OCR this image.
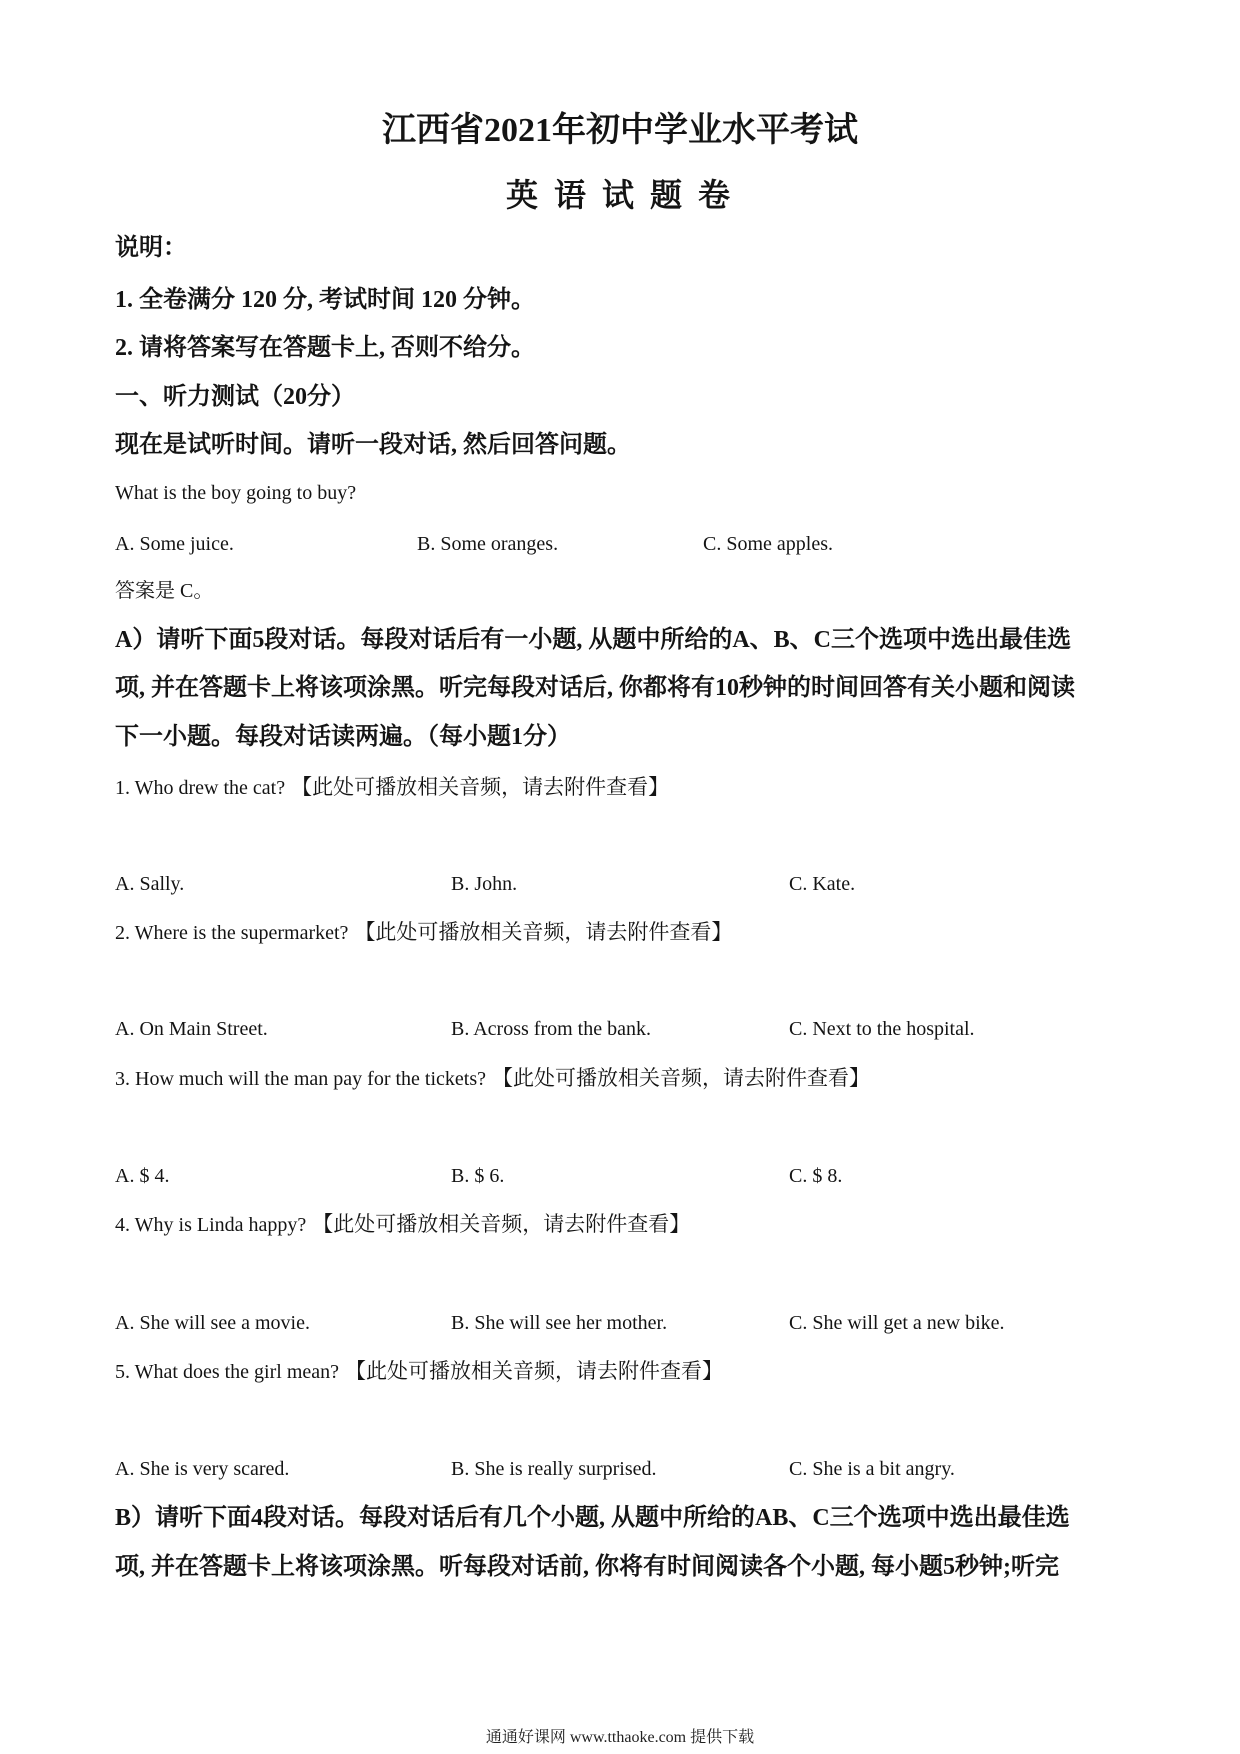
江西省2021年初中学业水平考试
英 语 试 题 卷
说明：
1. 全卷满分 120 分, 考试时间 120 分钟。
2. 请将答案写在答题卡上, 否则不给分。
一、听力测试（20分）
现在是试听时间。请听一段对话, 然后回答问题。
What is the boy going to buy?
A. Some juice.	B. Some oranges.	C. Some apples.
答案是 C。
A）请听下面5段对话。每段对话后有一小题, 从题中所给的A、B、C三个选项中选出最佳选
项, 并在答题卡上将该项涂黑。听完每段对话后, 你都将有10秒钟的时间回答有关小题和阅读
下一小题。每段对话读两遍。（每小题1分）
1. Who drew the cat? 【此处可播放相关音频，请去附件查看】
A. Sally.	B. John.	C. Kate.
2. Where is the supermarket? 【此处可播放相关音频，请去附件查看】
A. On Main Street.	B. Across from the bank.	C. Next to the hospital.
3. How much will the man pay for the tickets? 【此处可播放相关音频，请去附件查看】
A. $ 4.	B. $ 6.	C. $ 8.
4. Why is Linda happy? 【此处可播放相关音频，请去附件查看】
A. She will see a movie.	B. She will see her mother.	C. She will get a new bike.
5. What does the girl mean? 【此处可播放相关音频，请去附件查看】
A. She is very scared.	B. She is really surprised.	C. She is a bit angry.
B）请听下面4段对话。每段对话后有几个小题, 从题中所给的AB、C三个选项中选出最佳选
项, 并在答题卡上将该项涂黑。听每段对话前, 你将有时间阅读各个小题, 每小题5秒钟;听完
通通好课网 www.tthaoke.com 提供下载
